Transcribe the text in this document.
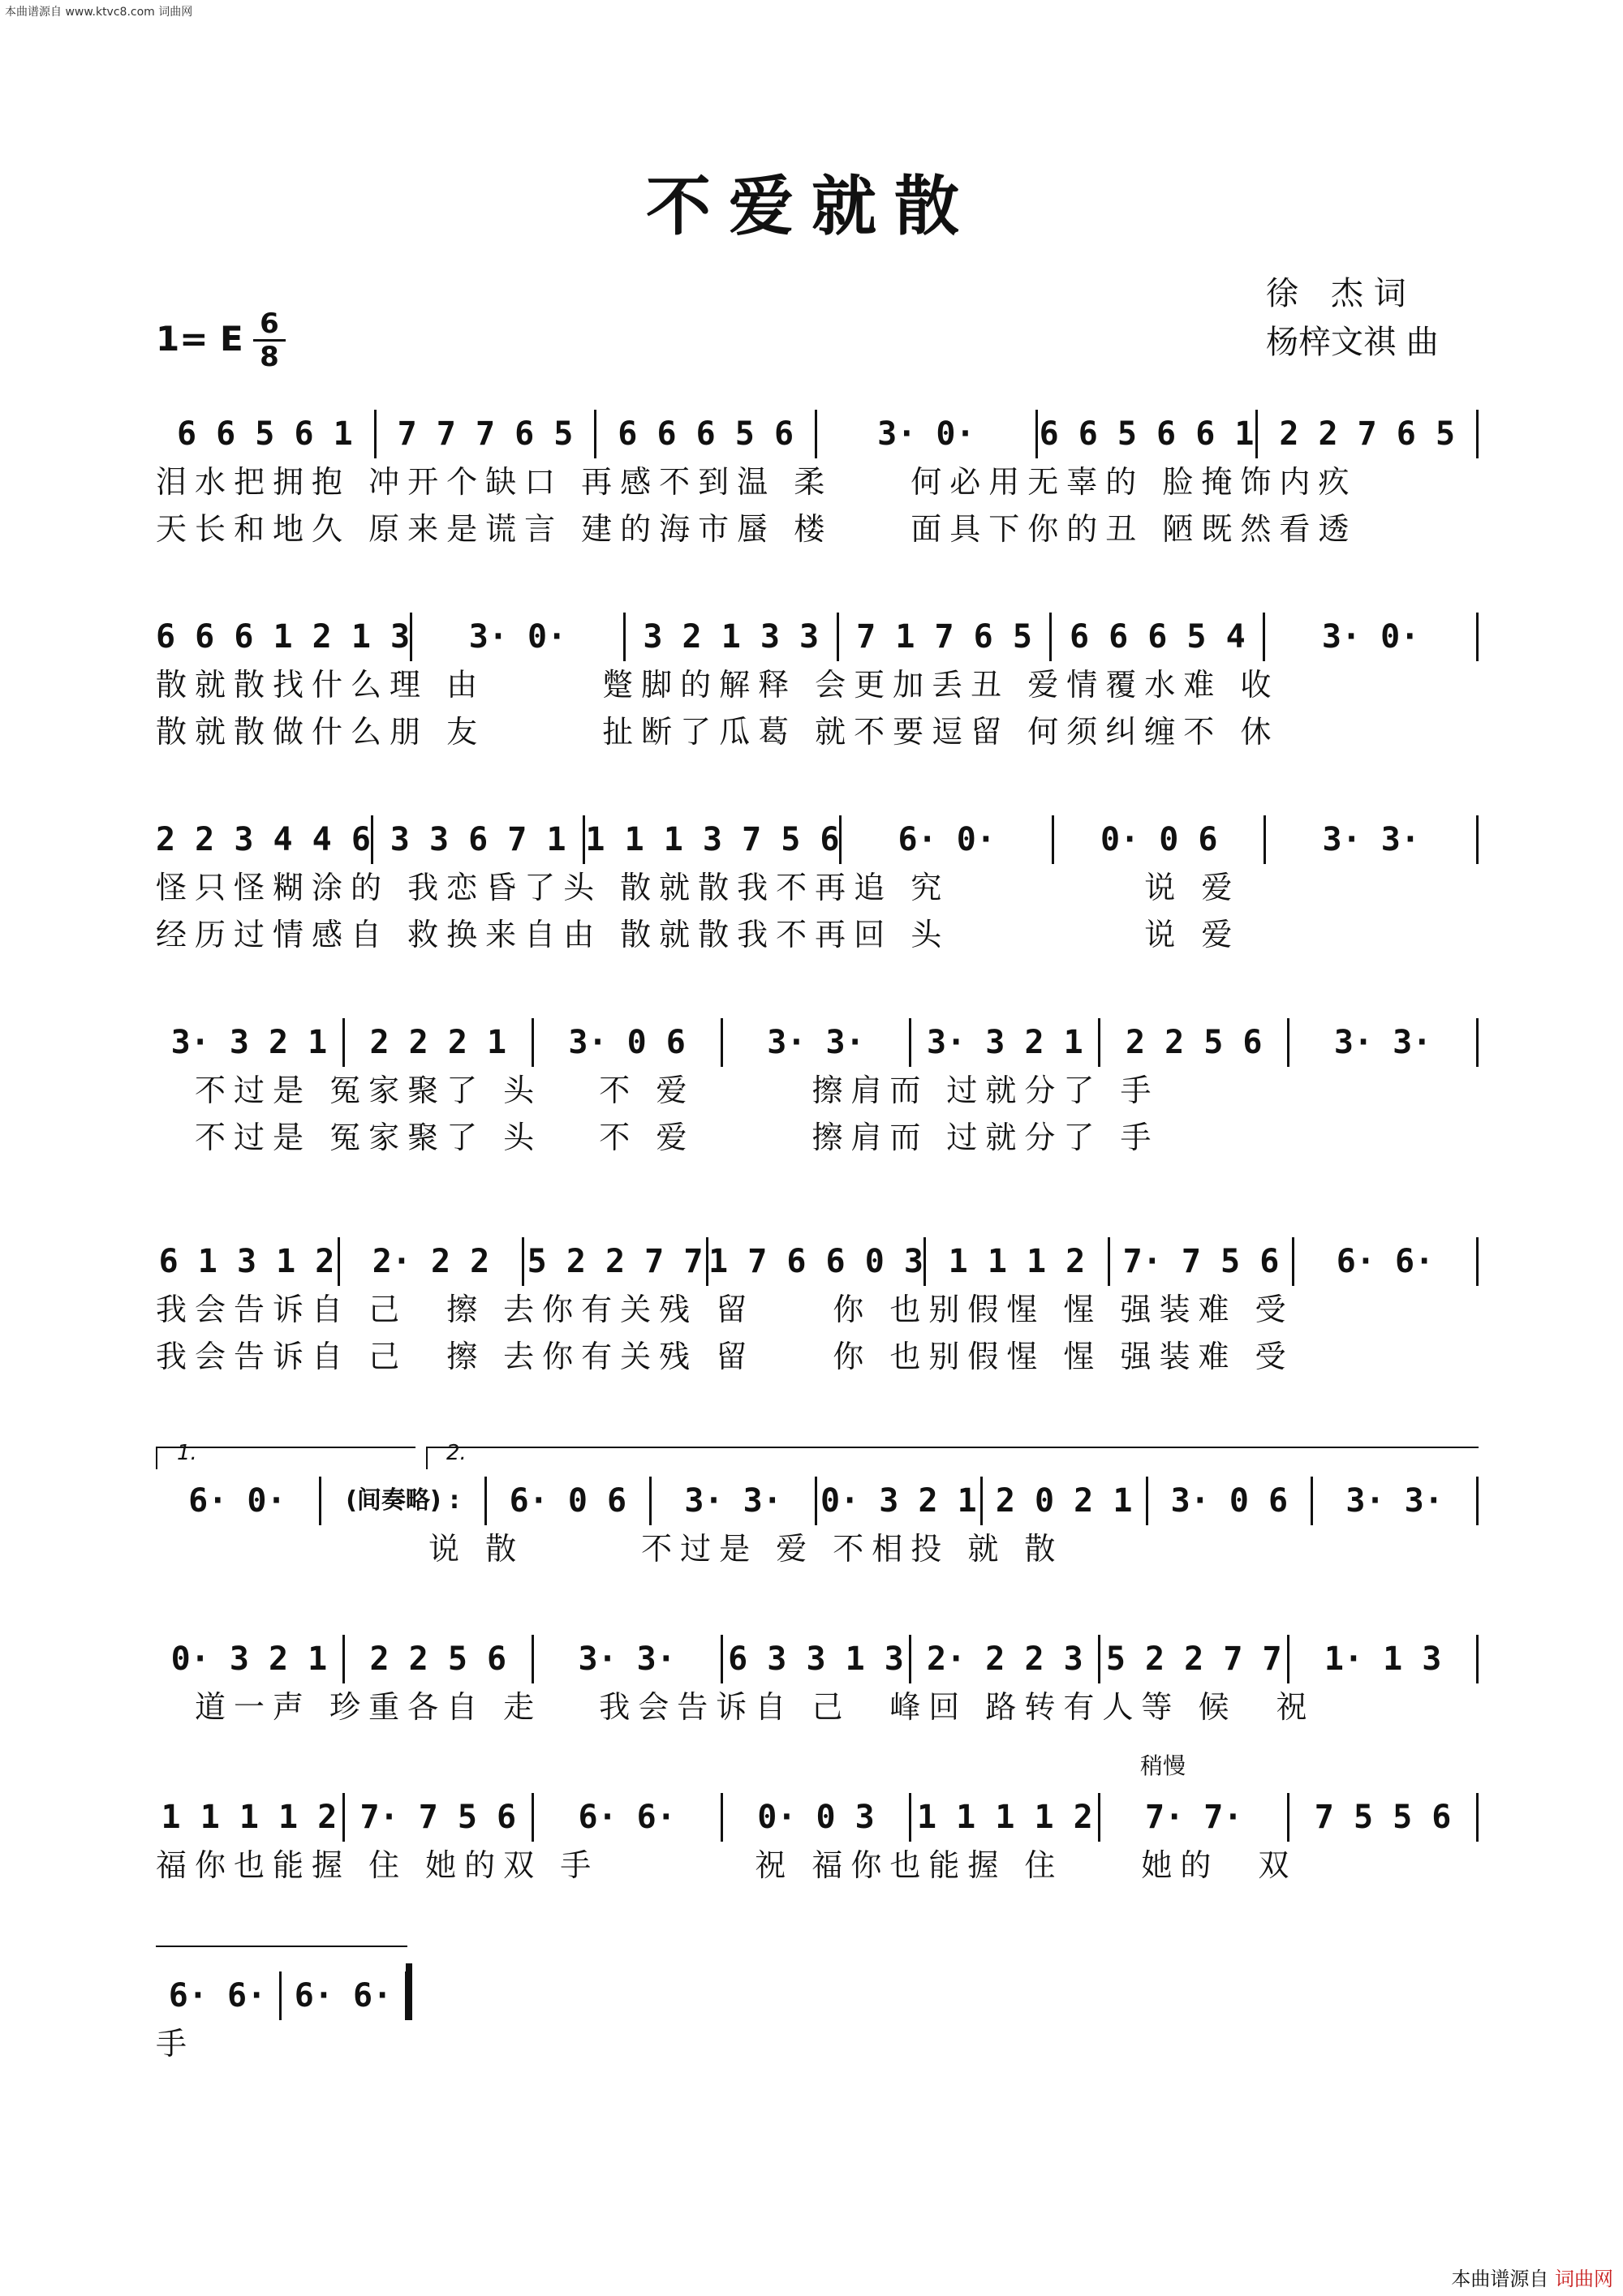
本曲谱源自 www.ktvc8.com 词曲网
不爱就散
徐　杰 词
杨梓文祺 曲
1= E 6
8
6 6 5 6 1	7 7 7 6 5	6 6 6 5 6	3· 0·	6 6 5 6 6 1 2 2 7 6 5
泪水把拥抱 冲开个缺口 再感不到温 柔　　何必用无辜的 脸掩饰内疚
天长和地久 原来是谎言 建的海市蜃 楼　　面具下你的丑 陋既然看透
6 6 6 1 2 1 3	3· 0·	3 2 1 3 3	7 1 7 6 5	6 6 6 5 4	3· 0·
散就散找什么理 由　　　蹩脚的解释 会更加丢丑 爱情覆水难 收
散就散做什么朋 友　　　扯断了瓜葛 就不要逗留 何须纠缠不 休
2 2 3 4 4 6 3 3 6 7 1 1 1 1 3 7 5 6	6· 0·	0· 0 6	3· 3·
怪只怪糊涂的 我恋昏了头 散就散我不再追 究　　　　　说 爱
经历过情感自 救换来自由 散就散我不再回 头　　　　　说 爱
3· 3 2 1	2 2 2 1	3· 0 6	3· 3·	3· 3 2 1	2 2 5 6	3· 3·
　不过是 冤家聚了 头　 不 爱　　　擦肩而 过就分了 手
　不过是 冤家聚了 头　 不 爱　　　擦肩而 过就分了 手
6 1 3 1 2	2· 2 2	5 2 2 7 7 1 7 6 6 0 3 1 1 1 2	7· 7 5 6	6· 6·
我会告诉自 己　擦 去你有关残 留　　你 也别假惺 惺 强装难 受
我会告诉自 己　擦 去你有关残 留　　你 也别假惺 惺 强装难 受
1.	2.
6· 0·	(间奏略) :	6· 0 6	3· 3·	0· 3 2 1 2 0 2 1	3· 0 6	3· 3·
　　　　　　　说 散　　　不过是 爱 不相投 就 散
0· 3 2 1	2 2 5 6	3· 3·	6 3 3 1 3 2· 2 2 3 5 2 2 7 7	1· 1 3
　道一声 珍重各自 走　 我会告诉自 己　峰回 路转有人等 候　祝
稍慢
1 1 1 1 2 7· 7 5 6	6· 6·	0· 0 3	1 1 1 1 2	7· 7·	7 5 5 6
福你也能握 住 她的双 手　　　　祝 福你也能握 住　　她的　双
6· 6· 6· 6·
手
本曲谱源自 词曲网
